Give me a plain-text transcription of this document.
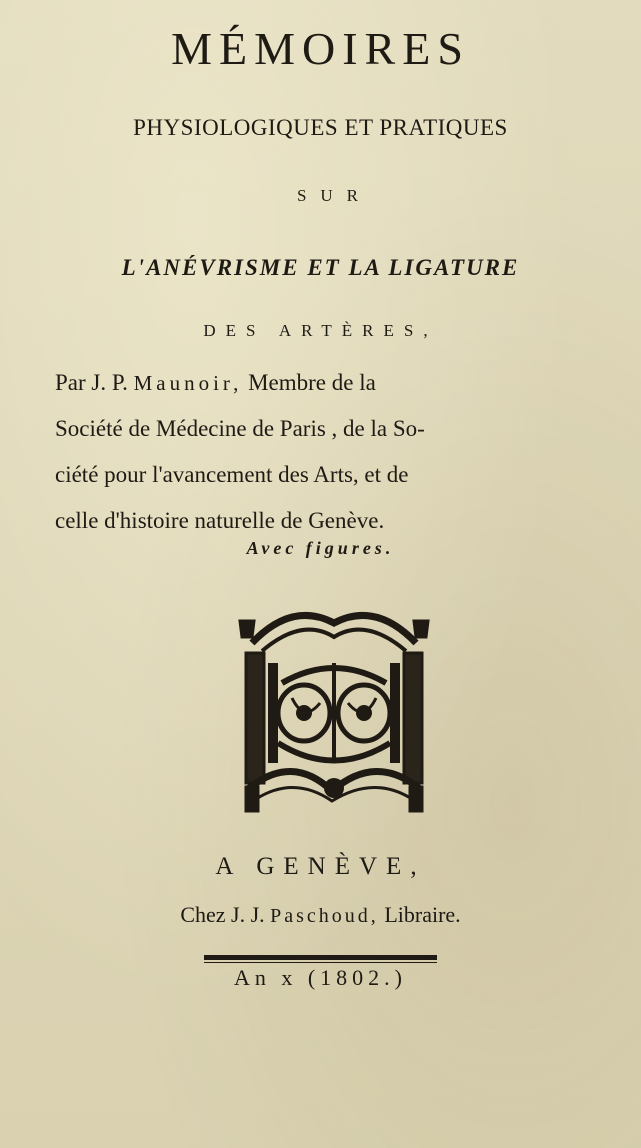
MÉMOIRES
PHYSIOLOGIQUES ET PRATIQUES
SUR
L'ANÉVRISME ET LA LIGATURE
DES ARTÈRES,
Par J. P. Maunoir, Membre de la
Société de Médecine de Paris , de la So-
ciété pour l'avancement des Arts, et de
celle d'histoire naturelle de Genève.
Avec figures.
A GENÈVE,
Chez J. J. Paschoud, Libraire.
An x (1802.)
